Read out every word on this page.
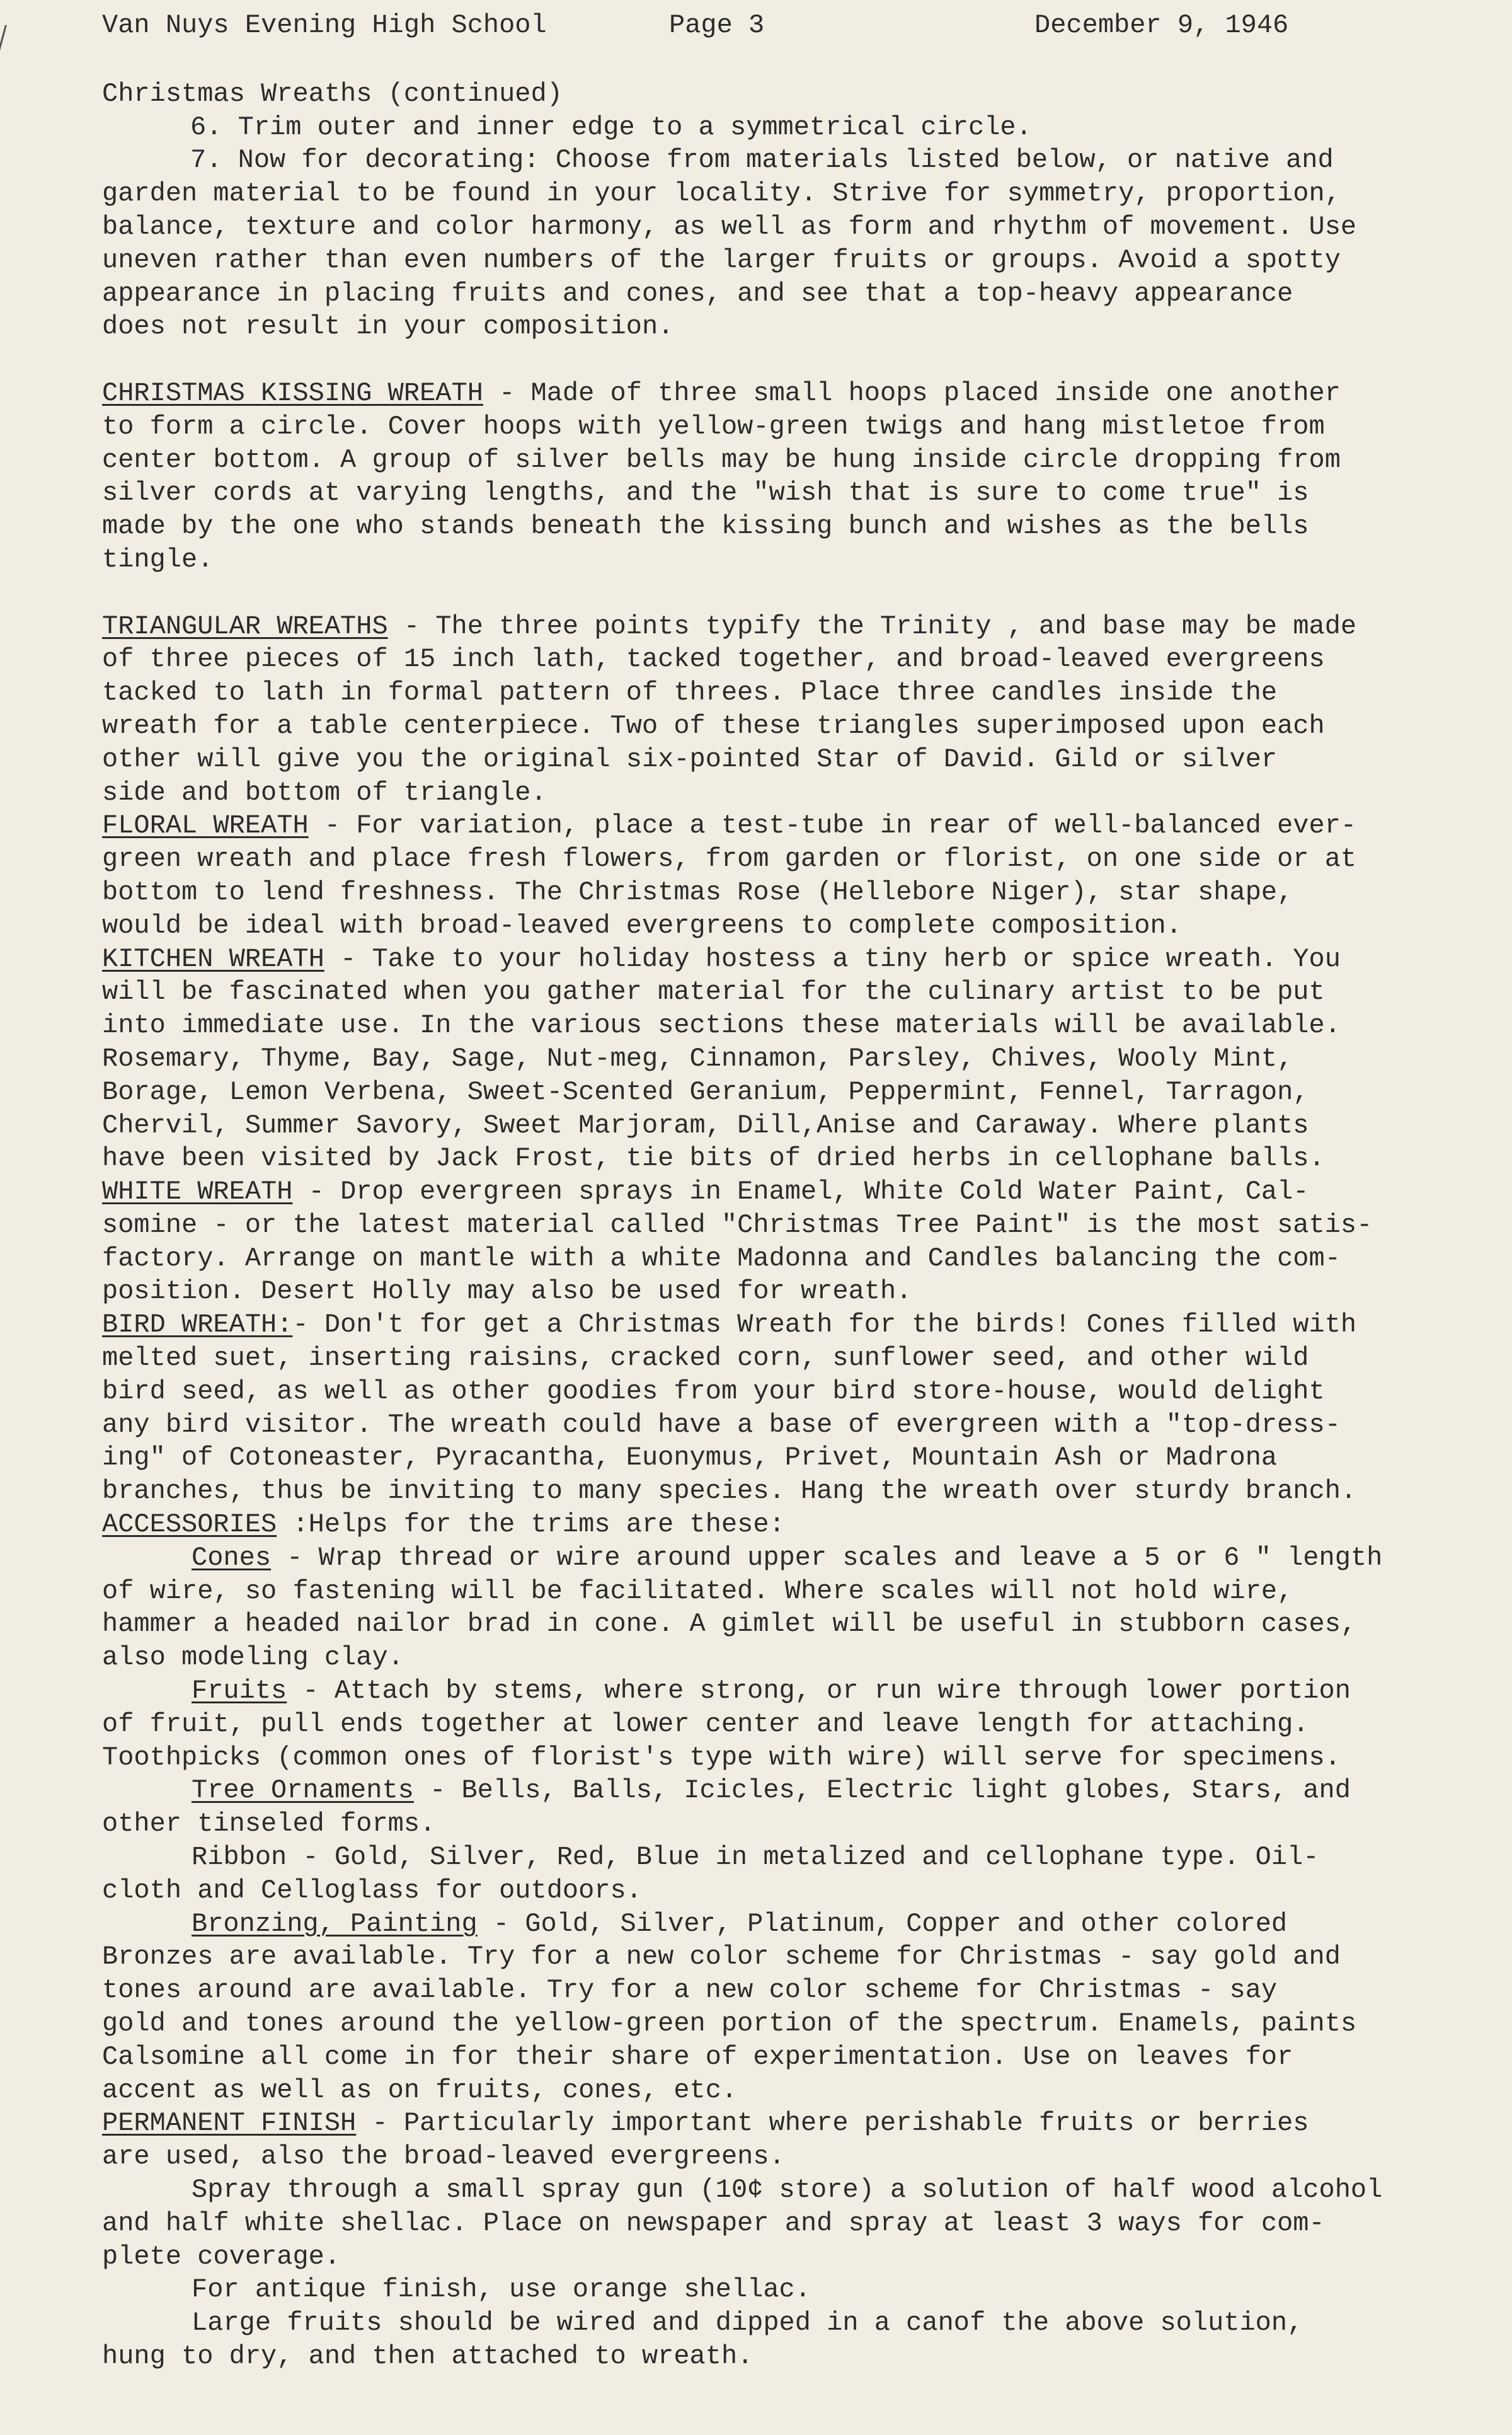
Van Nuys Evening High School	Page 3	December 9, 1946
Christmas Wreaths (continued)
6. Trim outer and inner edge to a symmetrical circle.
7. Now for decorating: Choose from materials listed below, or native and
garden material to be found in your locality. Strive for symmetry, proportion,
balance, texture and color harmony, as well as form and rhythm of movement. Use
uneven rather than even numbers of the larger fruits or groups. Avoid a spotty
appearance in placing fruits and cones, and see that a top-heavy appearance
does not result in your composition.
CHRISTMAS KISSING WREATH - Made of three small hoops placed inside one another
to form a circle. Cover hoops with yellow-green twigs and hang mistletoe from
center bottom. A group of silver bells may be hung inside circle dropping from
silver cords at varying lengths, and the "wish that is sure to come true" is
made by the one who stands beneath the kissing bunch and wishes as the bells
tingle.
TRIANGULAR WREATHS - The three points typify the Trinity , and base may be made
of three pieces of 15 inch lath, tacked together, and broad-leaved evergreens
tacked to lath in formal pattern of threes. Place three candles inside the
wreath for a table centerpiece. Two of these triangles superimposed upon each
other will give you the original six-pointed Star of David. Gild or silver
side and bottom of triangle.
FLORAL WREATH - For variation, place a test-tube in rear of well-balanced ever-
green wreath and place fresh flowers, from garden or florist, on one side or at
bottom to lend freshness. The Christmas Rose (Hellebore Niger), star shape,
would be ideal with broad-leaved evergreens to complete composition.
KITCHEN WREATH - Take to your holiday hostess a tiny herb or spice wreath. You
will be fascinated when you gather material for the culinary artist to be put
into immediate use. In the various sections these materials will be available.
Rosemary, Thyme, Bay, Sage, Nut-meg, Cinnamon, Parsley, Chives, Wooly Mint,
Borage, Lemon Verbena, Sweet-Scented Geranium, Peppermint, Fennel, Tarragon,
Chervil, Summer Savory, Sweet Marjoram, Dill,Anise and Caraway. Where plants
have been visited by Jack Frost, tie bits of dried herbs in cellophane balls.
WHITE WREATH - Drop evergreen sprays in Enamel, White Cold Water Paint, Cal-
somine - or the latest material called "Christmas Tree Paint" is the most satis-
factory. Arrange on mantle with a white Madonna and Candles balancing the com-
position. Desert Holly may also be used for wreath.
BIRD WREATH:- Don't for get a Christmas Wreath for the birds! Cones filled with
melted suet, inserting raisins, cracked corn, sunflower seed, and other wild
bird seed, as well as other goodies from your bird store-house, would delight
any bird visitor. The wreath could have a base of evergreen with a "top-dress-
ing" of Cotoneaster, Pyracantha, Euonymus, Privet, Mountain Ash or Madrona
branches, thus be inviting to many species. Hang the wreath over sturdy branch.
ACCESSORIES :Helps for the trims are these:
Cones - Wrap thread or wire around upper scales and leave a 5 or 6 " length
of wire, so fastening will be facilitated. Where scales will not hold wire,
hammer a headed nailor brad in cone. A gimlet will be useful in stubborn cases,
also modeling clay.
Fruits - Attach by stems, where strong, or run wire through lower portion
of fruit, pull ends together at lower center and leave length for attaching.
Toothpicks (common ones of florist's type with wire) will serve for specimens.
Tree Ornaments - Bells, Balls, Icicles, Electric light globes, Stars, and
other tinseled forms.
Ribbon - Gold, Silver, Red, Blue in metalized and cellophane type. Oil-
cloth and Celloglass for outdoors.
Bronzing, Painting - Gold, Silver, Platinum, Copper and other colored
Bronzes are available. Try for a new color scheme for Christmas - say gold and
tones around are available. Try for a new color scheme for Christmas - say
gold and tones around the yellow-green portion of the spectrum. Enamels, paints
Calsomine all come in for their share of experimentation. Use on leaves for
accent as well as on fruits, cones, etc.
PERMANENT FINISH - Particularly important where perishable fruits or berries
are used, also the broad-leaved evergreens.
Spray through a small spray gun (10¢ store) a solution of half wood alcohol
and half white shellac. Place on newspaper and spray at least 3 ways for com-
plete coverage.
For antique finish, use orange shellac.
Large fruits should be wired and dipped in a canof the above solution,
hung to dry, and then attached to wreath.
